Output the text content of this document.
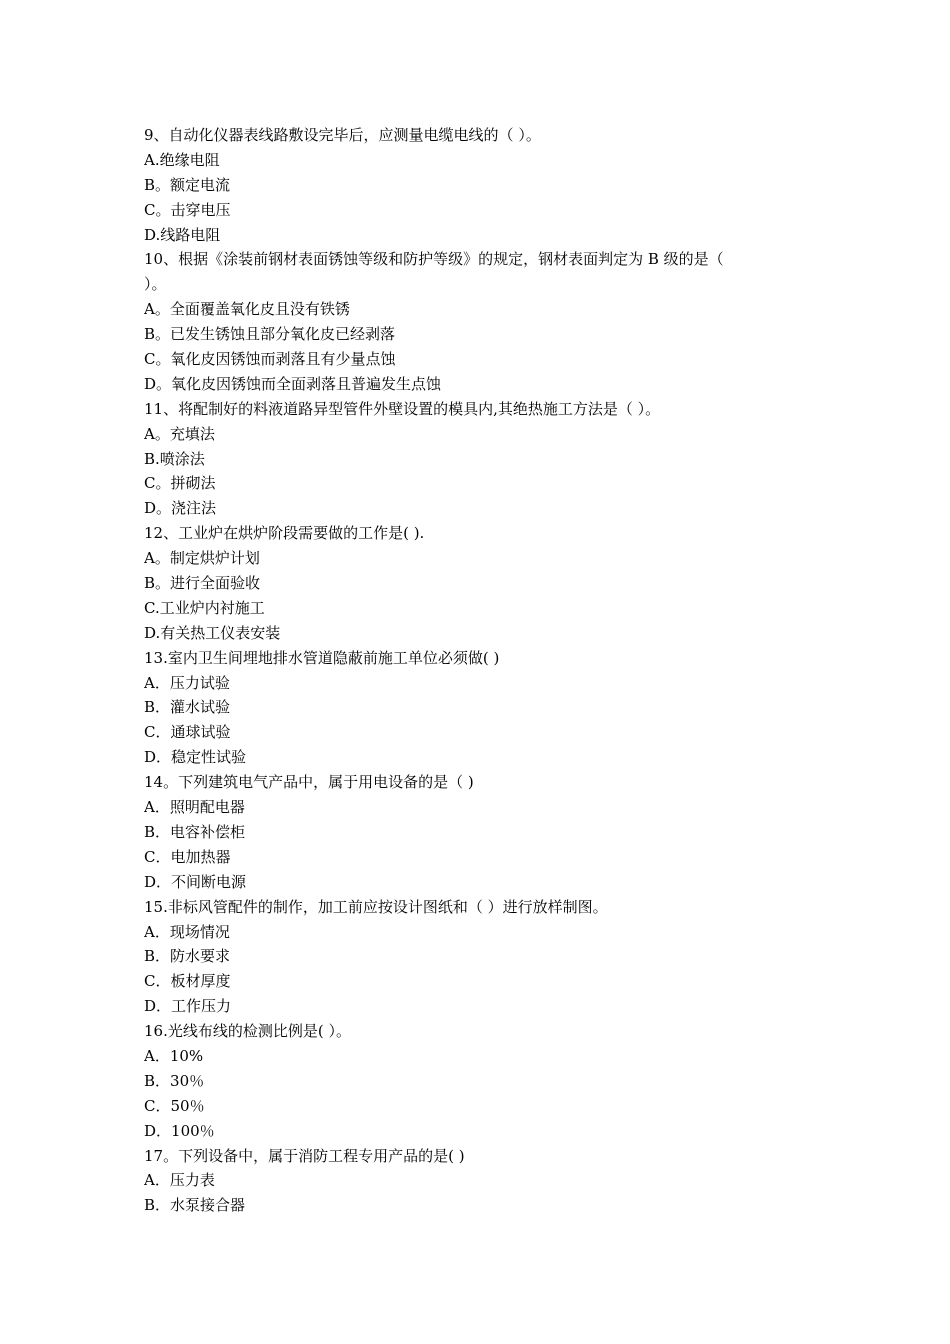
9、自动化仪器表线路敷设完毕后，应测量电缆电线的（ ）。
A.绝缘电阻
B。额定电流
C。击穿电压
D.线路电阻
10、根据《涂装前钢材表面锈蚀等级和防护等级》的规定，钢材表面判定为 B 级的是（
）。
A。全面覆盖氧化皮且没有铁锈
B。已发生锈蚀且部分氧化皮已经剥落
C。氧化皮因锈蚀而剥落且有少量点蚀
D。氧化皮因锈蚀而全面剥落且普遍发生点蚀
11、将配制好的料液道路异型管件外壁设置的模具内,其绝热施工方法是（ ）。
A。充填法
B.喷涂法
C。拼砌法
D。浇注法
12、工业炉在烘炉阶段需要做的工作是( ).
A。制定烘炉计划
B。进行全面验收
C.工业炉内衬施工
D.有关热工仪表安装
13.室内卫生间埋地排水管道隐蔽前施工单位必须做( )
A．压力试验
B．灌水试验
C．通球试验
D．稳定性试验
14。下列建筑电气产品中，属于用电设备的是（ )
A．照明配电器
B．电容补偿柜
C．电加热器
D．不间断电源
15.非标风管配件的制作，加工前应按设计图纸和（ ）进行放样制图。
A．现场情况
B．防水要求
C．板材厚度
D．工作压力
16.光线布线的检测比例是( ）。
A．10%
B．30％
C．50％
D．100％
17。下列设备中，属于消防工程专用产品的是( )
A．压力表
B．水泵接合器
